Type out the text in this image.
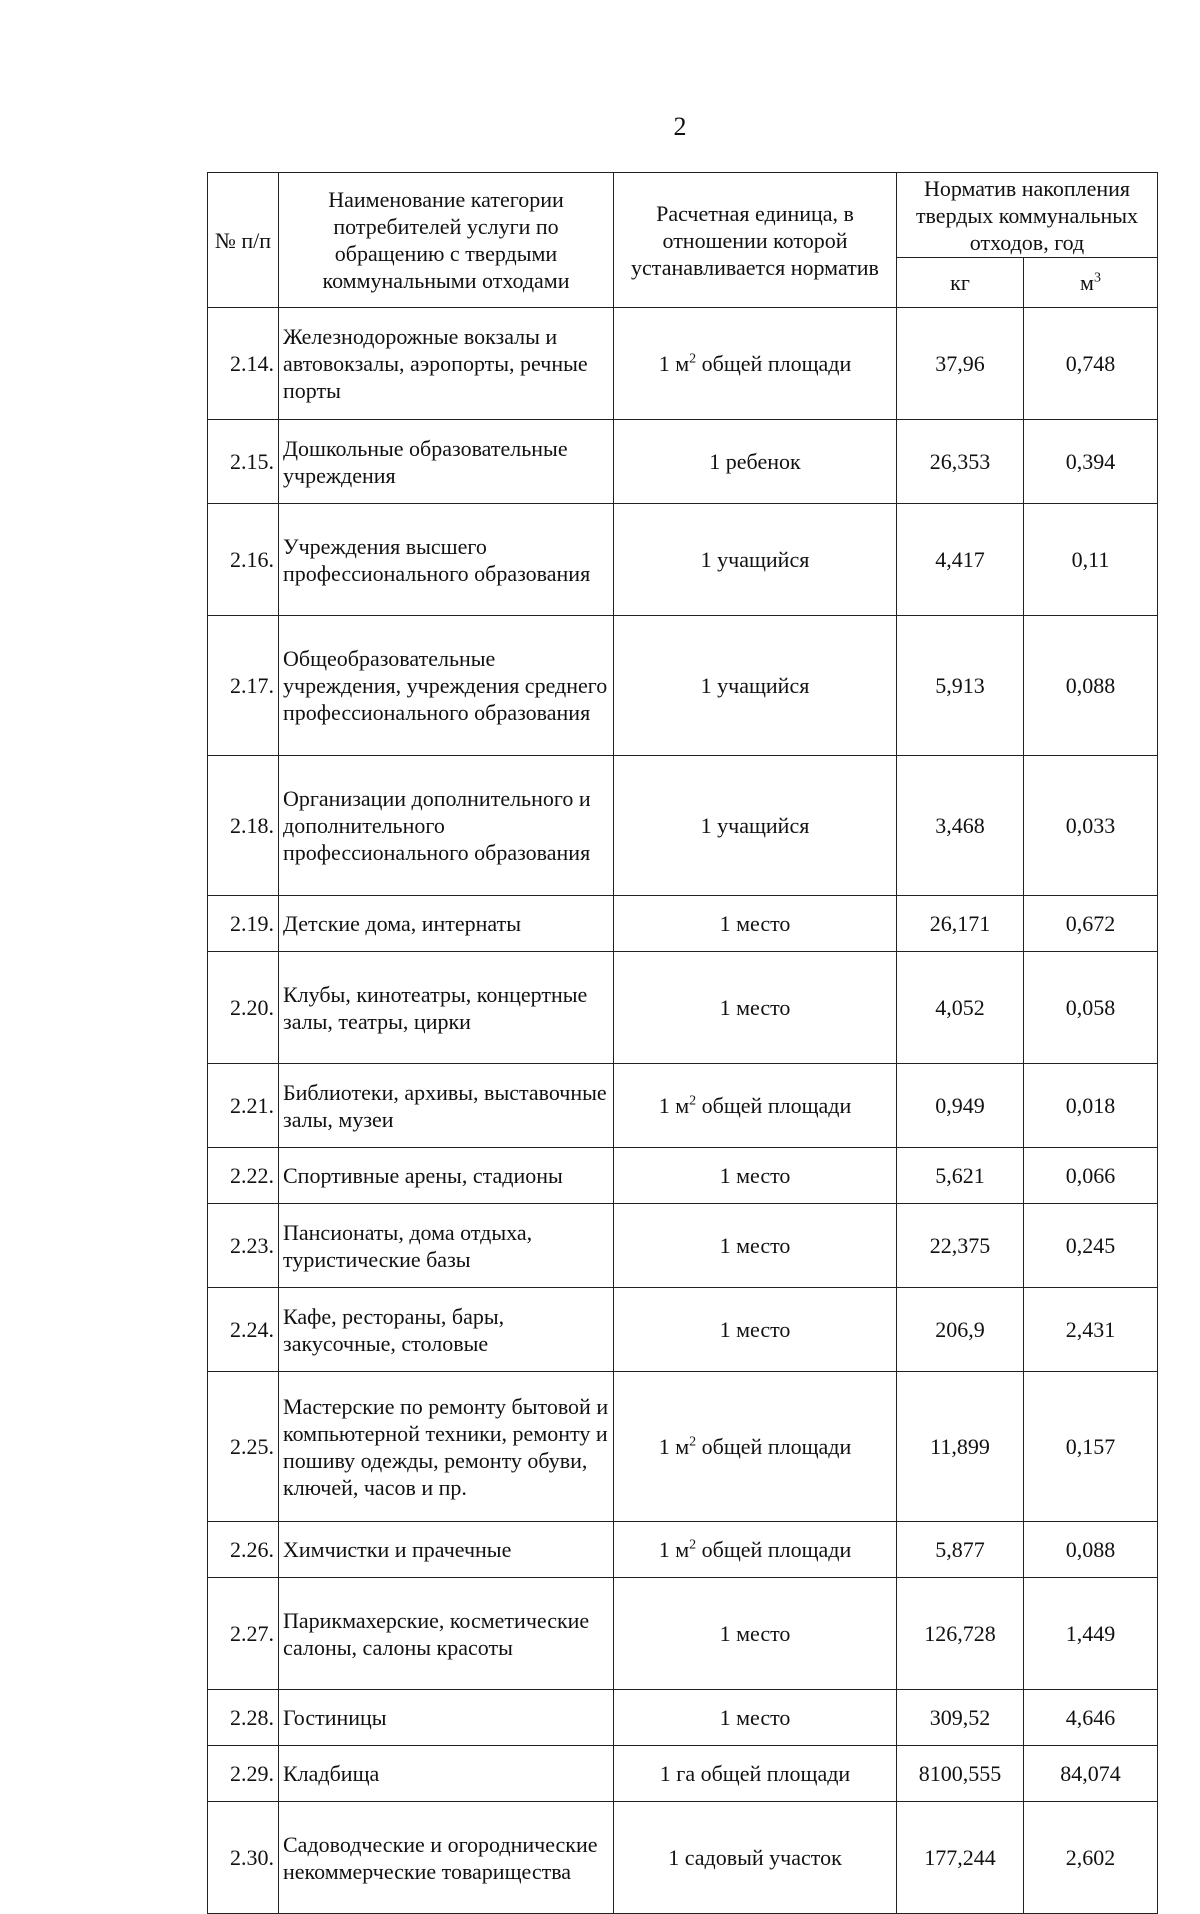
2
№ п/п	Наименование категории потребителей услуги по обращению с твердыми коммунальными отходами	Расчетная единица, в отношении которой устанавливается норматив	Норматив накопления твердых коммунальных отходов, год	
			кг	$м^3$
2.14.	Железнодорожные вокзалы и автовокзалы, аэропорты, речные порты	1 $м^2$ общей площади	37,96	0,748
2.15.	Дошкольные образовательные учреждения	1 ребенок	26,353	0,394
2.16.	Учреждения высшего профессионального образования	1 учащийся	4,417	0,11
2.17.	Общеобразовательные учреждения, учреждения среднего профессионального образования	1 учащийся	5,913	0,088
2.18.	Организации дополнительного и дополнительного профессионального образования	1 учащийся	3,468	0,033
2.19.	Детские дома, интернаты	1 место	26,171	0,672
2.20.	Клубы, кинотеатры, концертные залы, театры, цирки	1 место	4,052	0,058
2.21.	Библиотеки, архивы, выставочные залы, музеи	1 $м^2$ общей площади	0,949	0,018
2.22.	Спортивные арены, стадионы	1 место	5,621	0,066
2.23.	Пансионаты, дома отдыха, туристические базы	1 место	22,375	0,245
2.24.	Кафе, рестораны, бары, закусочные, столовые	1 место	206,9	2,431
2.25.	Мастерские по ремонту бытовой и компьютерной техники, ремонту и пошиву одежды, ремонту обуви, ключей, часов и пр.	1 $м^2$ общей площади	11,899	0,157
2.26.	Химчистки и прачечные	1 $м^2$ общей площади	5,877	0,088
2.27.	Парикмахерские, косметические салоны, салоны красоты	1 место	126,728	1,449
2.28.	Гостиницы	1 место	309,52	4,646
2.29.	Кладбища	1 га общей площади	8100,555	84,074
2.30.	Садоводческие и огороднические некоммерческие товарищества	1 садовый участок	177,244	2,602
